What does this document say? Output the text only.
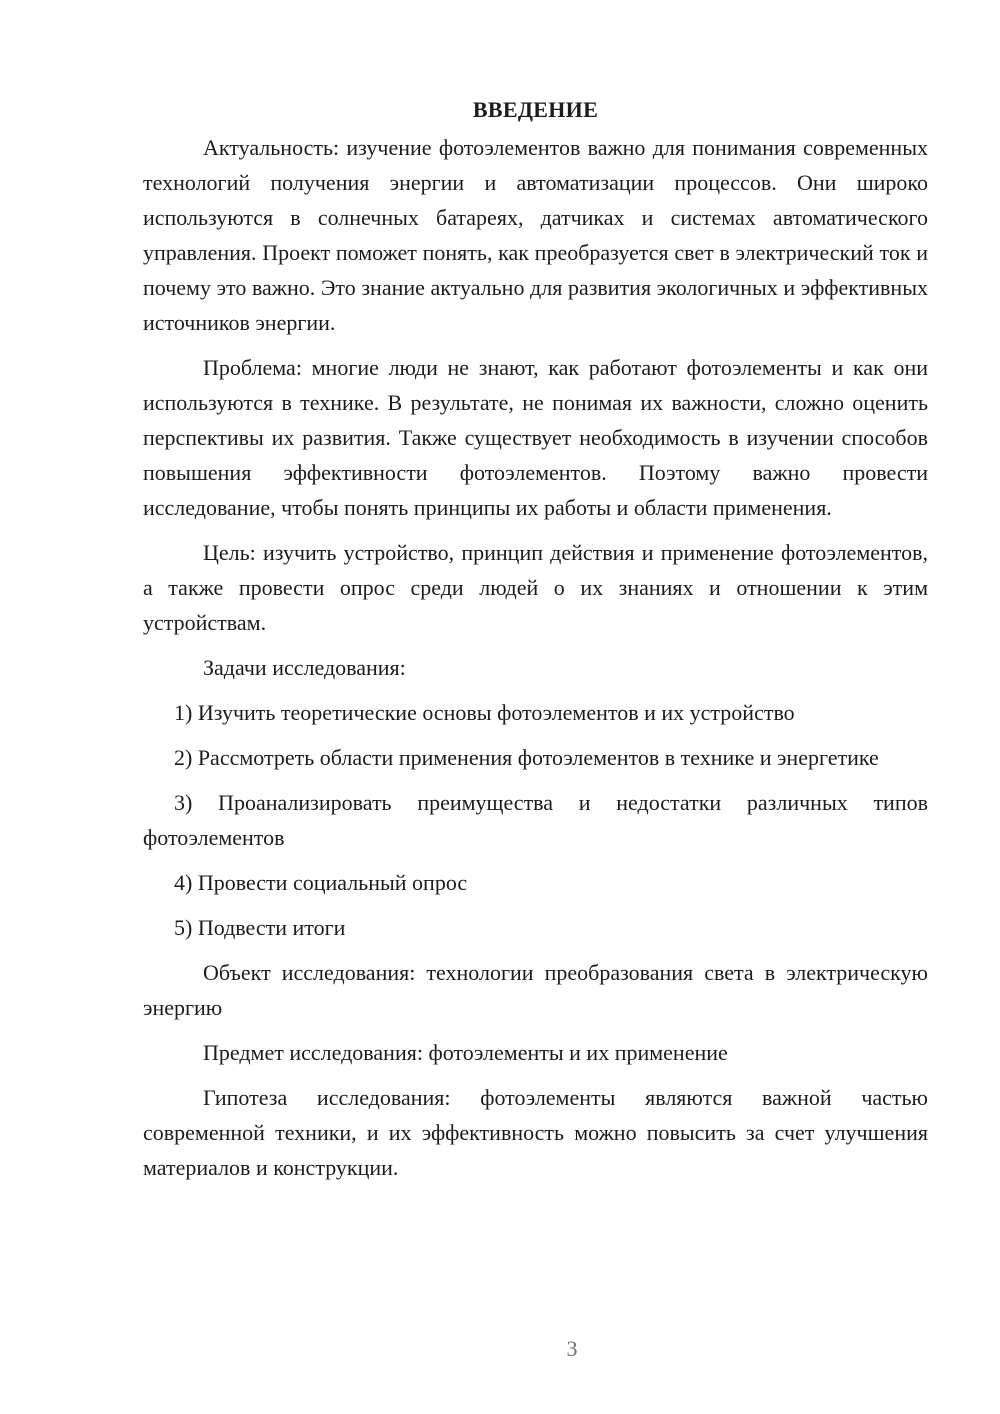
ВВЕДЕНИЕ

Актуальность: изучение фотоэлементов важно для понимания современных технологий получения энергии и автоматизации процессов. Они широко используются в солнечных батареях, датчиках и системах автоматического управления. Проект поможет понять, как преобразуется свет в электрический ток и почему это важно. Это знание актуально для развития экологичных и эффективных источников энергии.

Проблема: многие люди не знают, как работают фотоэлементы и как они используются в технике. В результате, не понимая их важности, сложно оценить перспективы их развития. Также существует необходимость в изучении способов повышения эффективности фотоэлементов. Поэтому важно провести исследование, чтобы понять принципы их работы и области применения.

Цель: изучить устройство, принцип действия и применение фотоэлементов, а также провести опрос среди людей о их знаниях и отношении к этим устройствам.

Задачи исследования:

1) Изучить теоретические основы фотоэлементов и их устройство

2) Рассмотреть области применения фотоэлементов в технике и энергетике

3) Проанализировать преимущества и недостатки различных типов фотоэлементов

4) Провести социальный опрос

5) Подвести итоги

Объект исследования: технологии преобразования света в электрическую энергию

Предмет исследования: фотоэлементы и их применение

Гипотеза исследования: фотоэлементы являются важной частью современной техники, и их эффективность можно повысить за счет улучшения материалов и конструкции.

3
